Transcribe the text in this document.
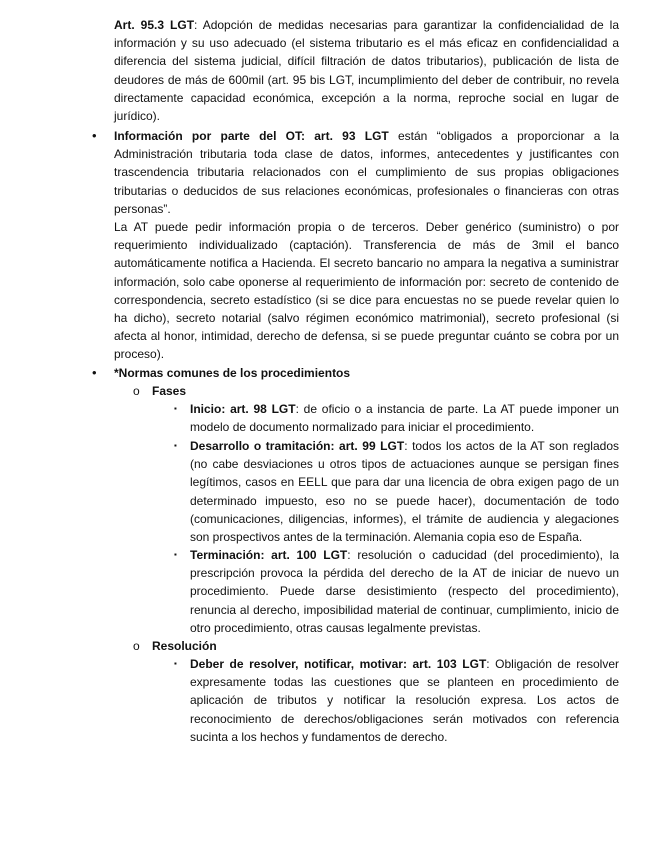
Art. 95.3 LGT: Adopción de medidas necesarias para garantizar la confidencialidad de la información y su uso adecuado (el sistema tributario es el más eficaz en confidencialidad a diferencia del sistema judicial, difícil filtración de datos tributarios), publicación de lista de deudores de más de 600mil (art. 95 bis LGT, incumplimiento del deber de contribuir, no revela directamente capacidad económica, excepción a la norma, reproche social en lugar de jurídico).

• Información por parte del OT: art. 93 LGT están “obligados a proporcionar a la Administración tributaria toda clase de datos, informes, antecedentes y justificantes con trascendencia tributaria relacionados con el cumplimiento de sus propias obligaciones tributarias o deducidos de sus relaciones económicas, profesionales o financieras con otras personas”.

La AT puede pedir información propia o de terceros. Deber genérico (suministro) o por requerimiento individualizado (captación). Transferencia de más de 3mil el banco automáticamente notifica a Hacienda. El secreto bancario no ampara la negativa a suministrar información, solo cabe oponerse al requerimiento de información por: secreto de contenido de correspondencia, secreto estadístico (si se dice para encuestas no se puede revelar quien lo ha dicho), secreto notarial (salvo régimen económico matrimonial), secreto profesional (si afecta al honor, intimidad, derecho de defensa, si se puede preguntar cuánto se cobra por un proceso).

• *Normas comunes de los procedimientos

o Fases

▪ Inicio: art. 98 LGT: de oficio o a instancia de parte. La AT puede imponer un modelo de documento normalizado para iniciar el procedimiento.

▪ Desarrollo o tramitación: art. 99 LGT: todos los actos de la AT son reglados (no cabe desviaciones u otros tipos de actuaciones aunque se persigan fines legítimos, casos en EELL que para dar una licencia de obra exigen pago de un determinado impuesto, eso no se puede hacer), documentación de todo (comunicaciones, diligencias, informes), el trámite de audiencia y alegaciones son prospectivos antes de la terminación. Alemania copia eso de España.

▪ Terminación: art. 100 LGT: resolución o caducidad (del procedimiento), la prescripción provoca la pérdida del derecho de la AT de iniciar de nuevo un procedimiento. Puede darse desistimiento (respecto del procedimiento), renuncia al derecho, imposibilidad material de continuar, cumplimiento, inicio de otro procedimiento, otras causas legalmente previstas.

o Resolución

▪ Deber de resolver, notificar, motivar: art. 103 LGT: Obligación de resolver expresamente todas las cuestiones que se planteen en procedimiento de aplicación de tributos y notificar la resolución expresa. Los actos de reconocimiento de derechos/obligaciones serán motivados con referencia sucinta a los hechos y fundamentos de derecho.
